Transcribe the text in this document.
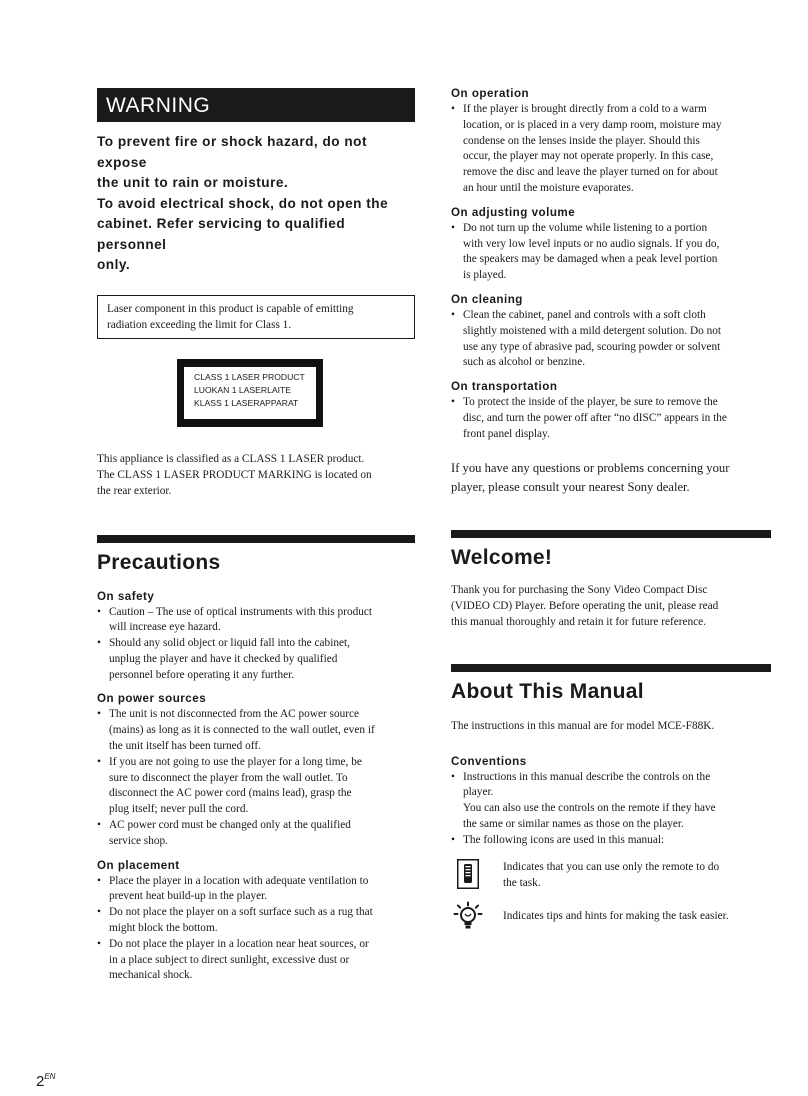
WARNING
To prevent fire or shock hazard, do not expose
the unit to rain or moisture.
To avoid electrical shock, do not open the
cabinet. Refer servicing to qualified personnel
only.
Laser component in this product is capable of emitting
radiation exceeding the limit for Class 1.
CLASS 1 LASER PRODUCT
LUOKAN 1 LASERLAITE
KLASS 1 LASERAPPARAT
This appliance is classified as a CLASS 1 LASER product.
The CLASS 1 LASER PRODUCT MARKING is located on
the rear exterior.
Precautions
On safety
• Caution – The use of optical instruments with this product
will increase eye hazard.
• Should any solid object or liquid fall into the cabinet,
unplug the player and have it checked by qualified
personnel before operating it any further.
On power sources
• The unit is not disconnected from the AC power source
(mains) as long as it is connected to the wall outlet, even if
the unit itself has been turned off.
• If you are not going to use the player for a long time, be
sure to disconnect the player from the wall outlet. To
disconnect the AC power cord (mains lead), grasp the
plug itself; never pull the cord.
• AC power cord must be changed only at the qualified
service shop.
On placement
• Place the player in a location with adequate ventilation to
prevent heat build-up in the player.
• Do not place the player on a soft surface such as a rug that
might block the bottom.
• Do not place the player in a location near heat sources, or
in a place subject to direct sunlight, excessive dust or
mechanical shock.
On operation
• If the player is brought directly from a cold to a warm
location, or is placed in a very damp room, moisture may
condense on the lenses inside the player. Should this
occur, the player may not operate properly. In this case,
remove the disc and leave the player turned on for about
an hour until the moisture evaporates.
On adjusting volume
• Do not turn up the volume while listening to a portion
with very low level inputs or no audio signals. If you do,
the speakers may be damaged when a peak level portion
is played.
On cleaning
• Clean the cabinet, panel and controls with a soft cloth
slightly moistened with a mild detergent solution. Do not
use any type of abrasive pad, scouring powder or solvent
such as alcohol or benzine.
On transportation
• To protect the inside of the player, be sure to remove the
disc, and turn the power off after “no dISC” appears in the
front panel display.
If you have any questions or problems concerning your
player, please consult your nearest Sony dealer.
Welcome!
Thank you for purchasing the Sony Video Compact Disc
(VIDEO CD) Player. Before operating the unit, please read
this manual thoroughly and retain it for future reference.
About This Manual
The instructions in this manual are for model MCE-F88K.
Conventions
• Instructions in this manual describe the controls on the
player.
You can also use the controls on the remote if they have
the same or similar names as those on the player.
• The following icons are used in this manual:
Indicates that you can use only the remote to do
the task.
Indicates tips and hints for making the task easier.
$2^{EN}$
